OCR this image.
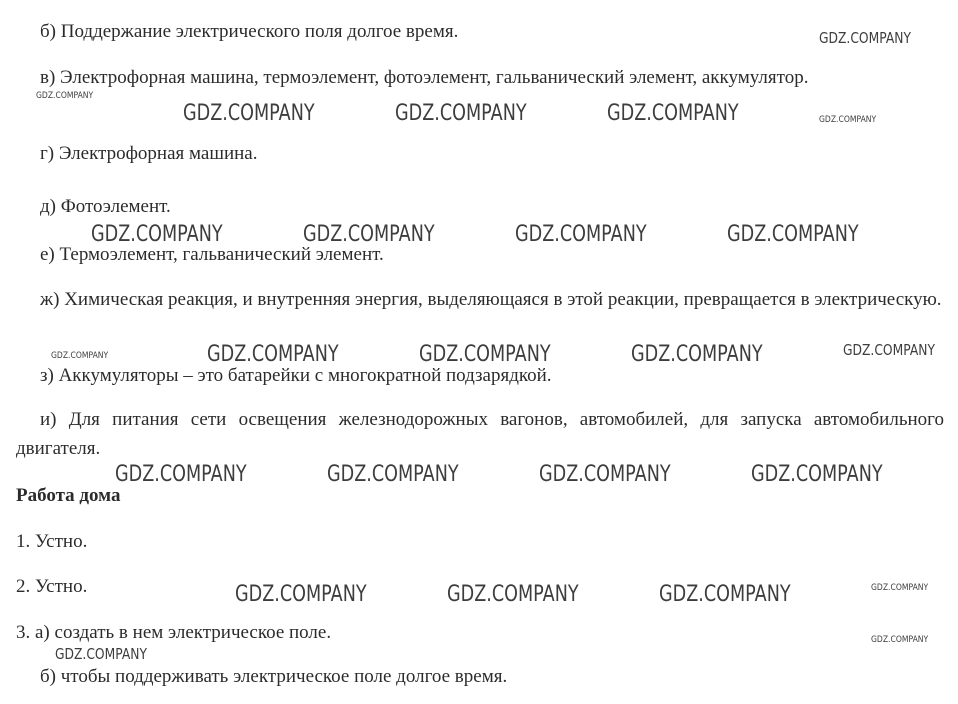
б) Поддержание электрического поля долгое время.

в) Электрофорная машина, термоэлемент, фотоэлемент, гальванический элемент, аккумулятор.

г) Электрофорная машина.

д) Фотоэлемент.

е) Термоэлемент, гальванический элемент.

ж) Химическая реакция, и внутренняя энергия, выделяющаяся в этой реакции, превращается в электрическую.

з) Аккумуляторы – это батарейки с многократной подзарядкой.

и) Для питания сети освещения железнодорожных вагонов, автомобилей, для запуска автомобильного двигателя.

Работа дома

1. Устно.

2. Устно.

3. а) создать в нем электрическое поле.

б) чтобы поддерживать электрическое поле долгое время.

GDZ.COMPANY
GDZ.COMPANY
GDZ.COMPANY	GDZ.COMPANY	GDZ.COMPANY	GDZ.COMPANY
GDZ.COMPANY	GDZ.COMPANY	GDZ.COMPANY	GDZ.COMPANY
GDZ.COMPANY	GDZ.COMPANY	GDZ.COMPANY	GDZ.COMPANY	GDZ.COMPANY
GDZ.COMPANY	GDZ.COMPANY	GDZ.COMPANY	GDZ.COMPANY
GDZ.COMPANY	GDZ.COMPANY	GDZ.COMPANY	GDZ.COMPANY
GDZ.COMPANY
GDZ.COMPANY
